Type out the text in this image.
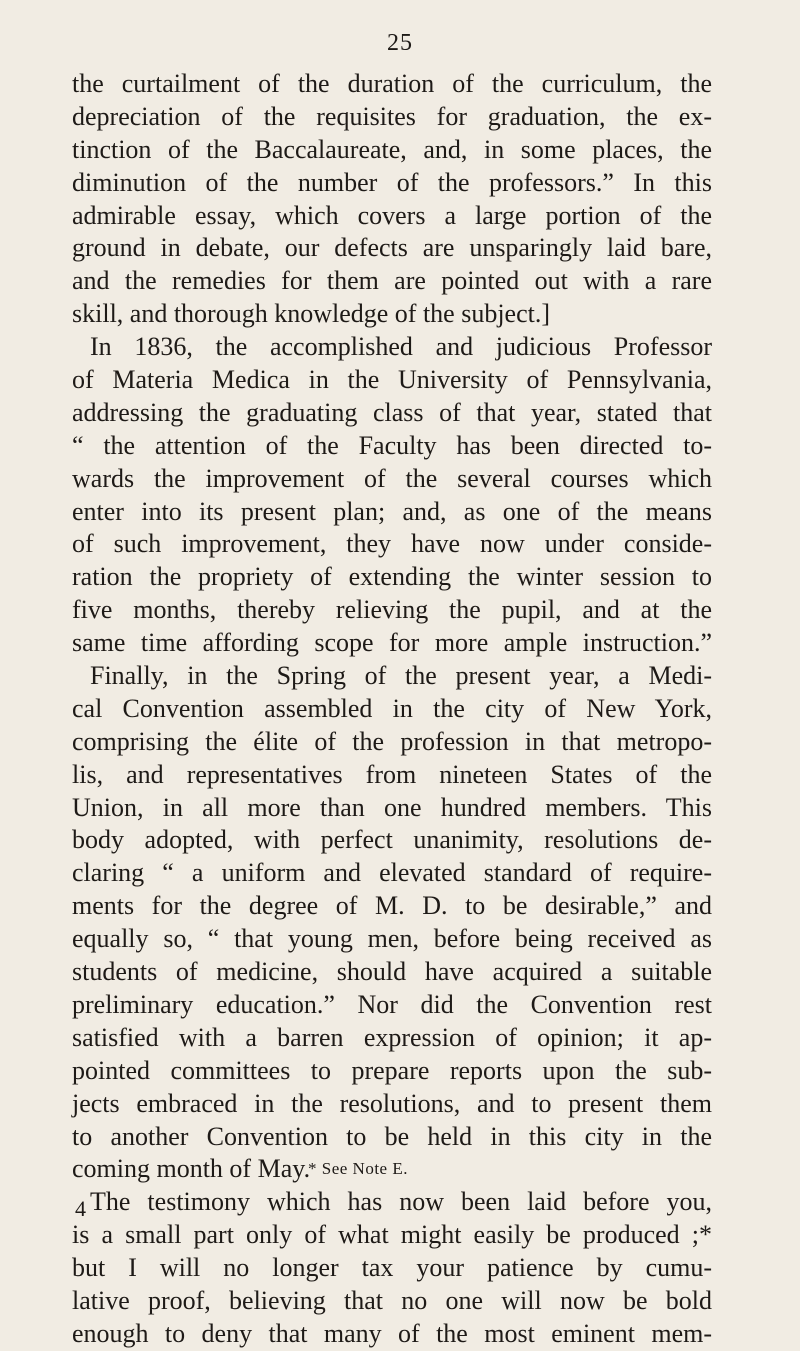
25
the curtailment of the duration of the curriculum, the
depreciation of the requisites for graduation, the ex-
tinction of the Baccalaureate, and, in some places, the
diminution of the number of the professors.” In this
admirable essay, which covers a large portion of the
ground in debate, our defects are unsparingly laid bare,
and the remedies for them are pointed out with a rare
skill, and thorough knowledge of the subject.]
In 1836, the accomplished and judicious Professor
of Materia Medica in the University of Pennsylvania,
addressing the graduating class of that year, stated that
“ the attention of the Faculty has been directed to-
wards the improvement of the several courses which
enter into its present plan; and, as one of the means
of such improvement, they have now under conside-
ration the propriety of extending the winter session to
five months, thereby relieving the pupil, and at the
same time affording scope for more ample instruction.”
Finally, in the Spring of the present year, a Medi-
cal Convention assembled in the city of New York,
comprising the élite of the profession in that metropo-
lis, and representatives from nineteen States of the
Union, in all more than one hundred members. This
body adopted, with perfect unanimity, resolutions de-
claring “ a uniform and elevated standard of require-
ments for the degree of M. D. to be desirable,” and
equally so, “ that young men, before being received as
students of medicine, should have acquired a suitable
preliminary education.” Nor did the Convention rest
satisfied with a barren expression of opinion; it ap-
pointed committees to prepare reports upon the sub-
jects embraced in the resolutions, and to present them
to another Convention to be held in this city in the
coming month of May.
The testimony which has now been laid before you,
is a small part only of what might easily be produced ;*
but I will no longer tax your patience by cumu-
lative proof, believing that no one will now be bold
enough to deny that many of the most eminent mem-
* See Note E.
4
